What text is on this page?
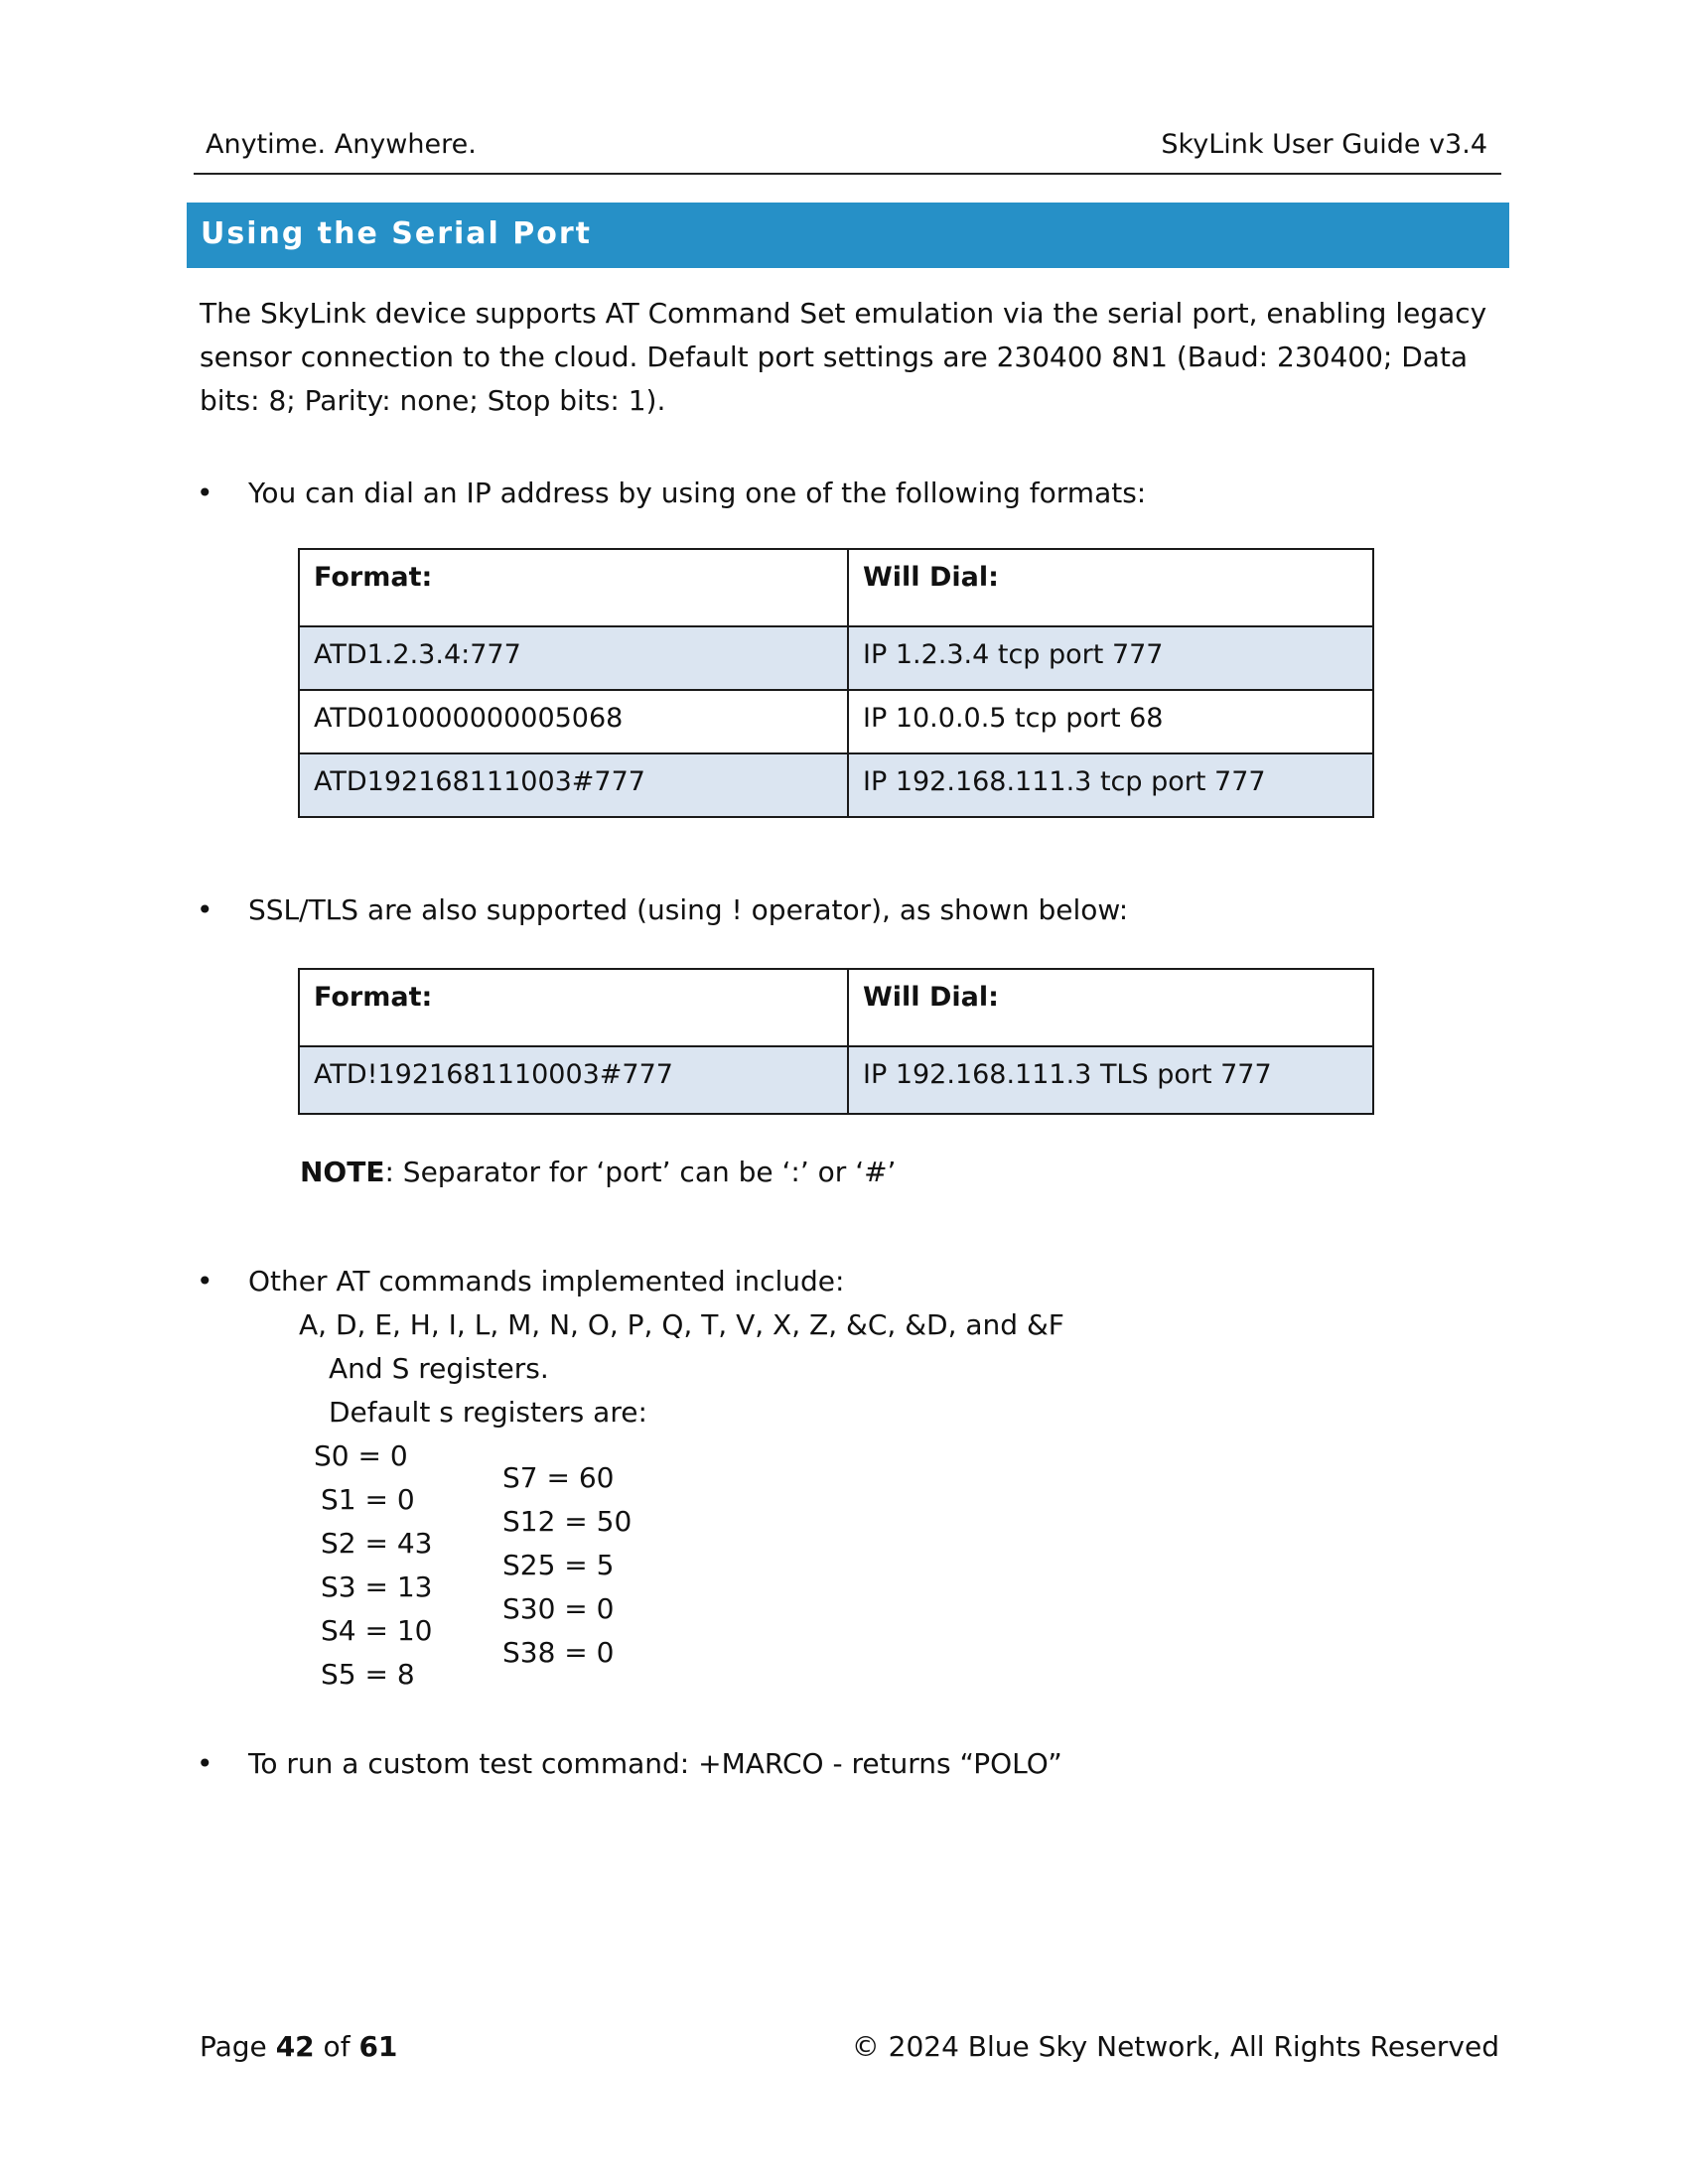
Anytime. Anywhere.	SkyLink User Guide v3.4
Using the Serial Port
The SkyLink device supports AT Command Set emulation via the serial port, enabling legacy sensor connection to the cloud. Default port settings are 230400 8N1 (Baud: 230400; Data bits: 8; Parity: none; Stop bits: 1).
• You can dial an IP address by using one of the following formats:
Format:	Will Dial:
ATD1.2.3.4:777	IP 1.2.3.4 tcp port 777
ATD010000000005068	IP 10.0.0.5 tcp port 68
ATD192168111003#777	IP 192.168.111.3 tcp port 777
• SSL/TLS are also supported (using ! operator), as shown below:
Format:	Will Dial:
ATD!1921681110003#777	IP 192.168.111.3 TLS port 777
NOTE: Separator for ‘port’ can be ‘:’ or ‘#’
• Other AT commands implemented include:
A, D, E, H, I, L, M, N, O, P, Q, T, V, X, Z, &C, &D, and &F
And S registers.
Default s registers are:
S0 = 0
S1 = 0
S2 = 43
S3 = 13
S4 = 10
S5 = 8
S7 = 60
S12 = 50
S25 = 5
S30 = 0
S38 = 0
• To run a custom test command: +MARCO - returns “POLO”
Page 42 of 61	© 2024 Blue Sky Network, All Rights Reserved
